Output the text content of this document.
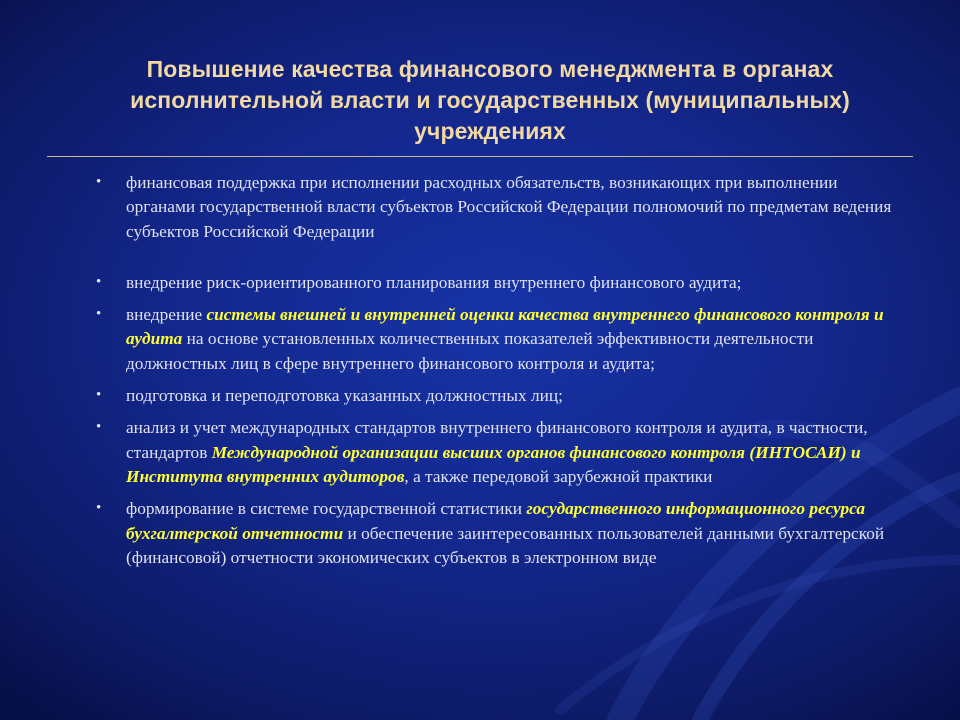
Повышение качества финансового менеджмента в органах исполнительной власти и государственных (муниципальных) учреждениях
• финансовая поддержка при исполнении расходных обязательств, возникающих при выполнении органами государственной власти субъектов Российской Федерации полномочий по предметам ведения субъектов Российской Федерации
• внедрение риск-ориентированного планирования внутреннего финансового аудита;
• внедрение системы внешней и внутренней оценки качества внутреннего финансового контроля и аудита на основе установленных количественных показателей эффективности деятельности должностных лиц в сфере внутреннего финансового контроля и аудита;
• подготовка и переподготовка указанных должностных лиц;
• анализ и учет международных стандартов внутреннего финансового контроля и аудита, в частности, стандартов Международной организации высших органов финансового контроля (ИНТОСАИ) и Института внутренних аудиторов, а также передовой зарубежной практики
• формирование в системе государственной статистики государственного информационного ресурса бухгалтерской отчетности и обеспечение заинтересованных пользователей данными бухгалтерской (финансовой) отчетности экономических субъектов в электронном виде
